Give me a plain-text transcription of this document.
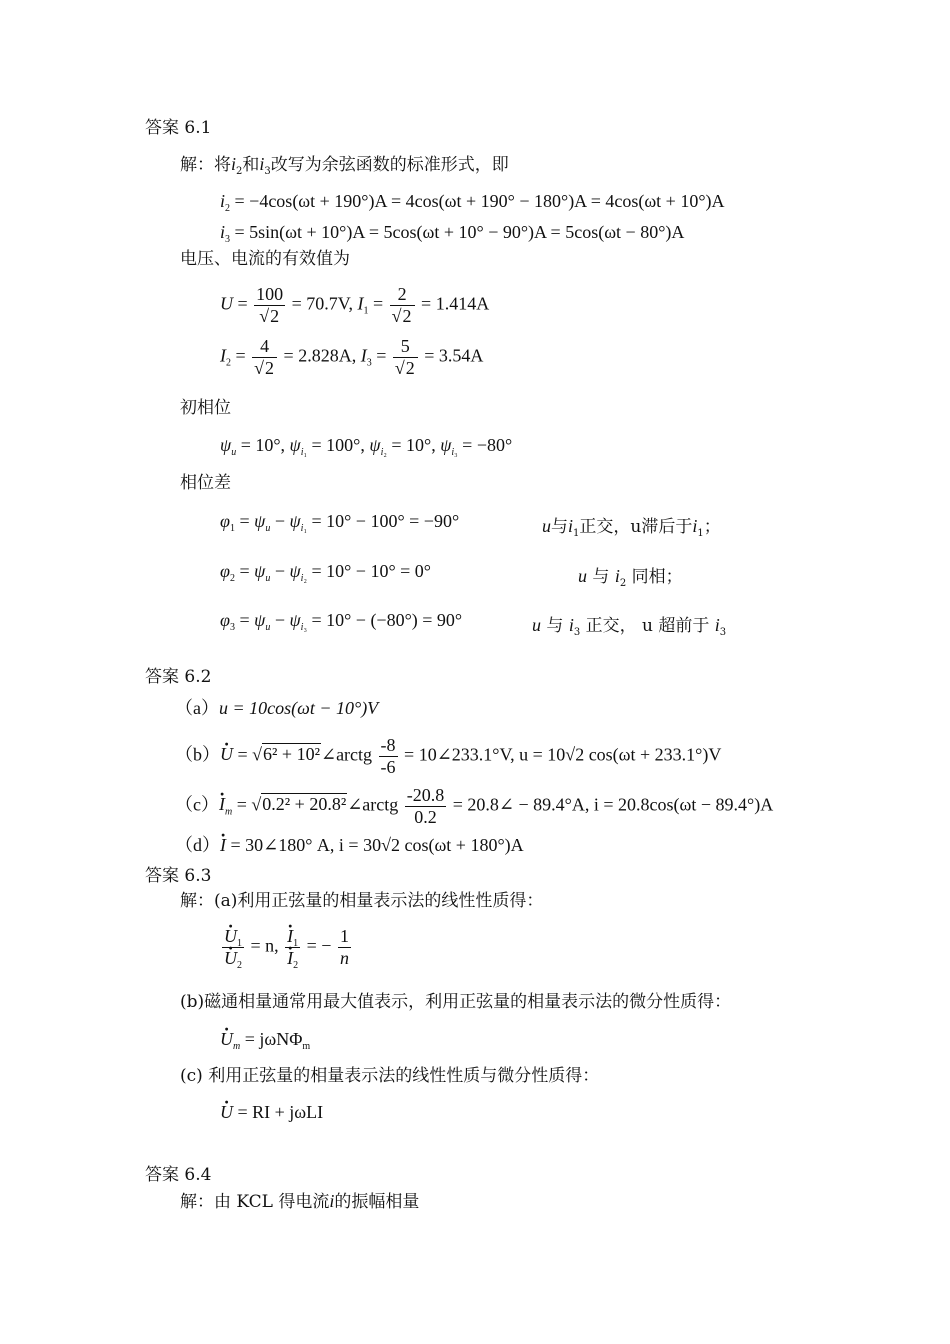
答案 6.1
解：将$i_2$和$i_3$改写为余弦函数的标准形式，即
$i_2 = -4\cos(\omega t + 190^\circ)A = 4\cos(\omega t + 190^\circ - 180^\circ)A = 4\cos(\omega t + 10^\circ)A$
$i_3 = 5\sin(\omega t + 10^\circ)A = 5\cos(\omega t + 10^\circ - 90^\circ)A = 5\cos(\omega t - 80^\circ)A$
电压、电流的有效值为
$U = \frac{100}{√2} = 70.7V$, $I_1 = \frac{2}{√2} = 1.414A$
$I_2 = \frac{4}{√2} = 2.828A$, $I_3 = \frac{5}{√2} = 3.54A$
初相位
$\psi_u = 10^\circ$, $\psi_{i_1} = 100^\circ$, $\psi_{i_2} = 10^\circ$, $\psi_{i_3} = -80^\circ$
相位差
$\varphi_1 = \psi_u - \psi_{i_1} = 10^\circ - 100^\circ = -90^\circ$	u与$i_1$正交，u滞后于$i_1$；
$\varphi_2 = \psi_u - \psi_{i_2} = 10^\circ - 10^\circ = 0^\circ$	u 与 $i_2$ 同相；
$\varphi_3 = \psi_u - \psi_{i_3} = 10^\circ - (-80^\circ) = 90^\circ$	u 与 $i_3$ 正交， u 超前于 $i_3$
答案 6.2
（a）u = 10cos(ωt − 10°)V
（b）· U = √6² + 10²∠arctg $\frac{-8}{-6}$ = 10∠233.1°V, u = 10√2 cos(ωt + 233.1°)V
$(c)\cdot I_m = √0.2^2$ + 20.8²∠arctg $\frac{-20.8}{0.2}$ = 20.8∠ − 89.4°A, i = 20.8cos(ωt − 89.4°)A
（d）· I = 30∠180° A, i = 30√2 cos(ωt + 180°)A
答案 6.3
解：(a)利用正弦量的相量表示法的线性性质得：
· $U_1$
· $U_2 = n$,
· $I_1$
· $I_2$ = − $\frac{1}{n}$
(b)磁通相量通常用最大值表示，利用正弦量的相量表示法的微分性质得：
· $U_m = j\omega N\Phi_m$
(c) 利用正弦量的相量表示法的线性性质与微分性质得：
· U = RI + jωLI
答案 6.4
解：由 KCL 得电流i的振幅相量
